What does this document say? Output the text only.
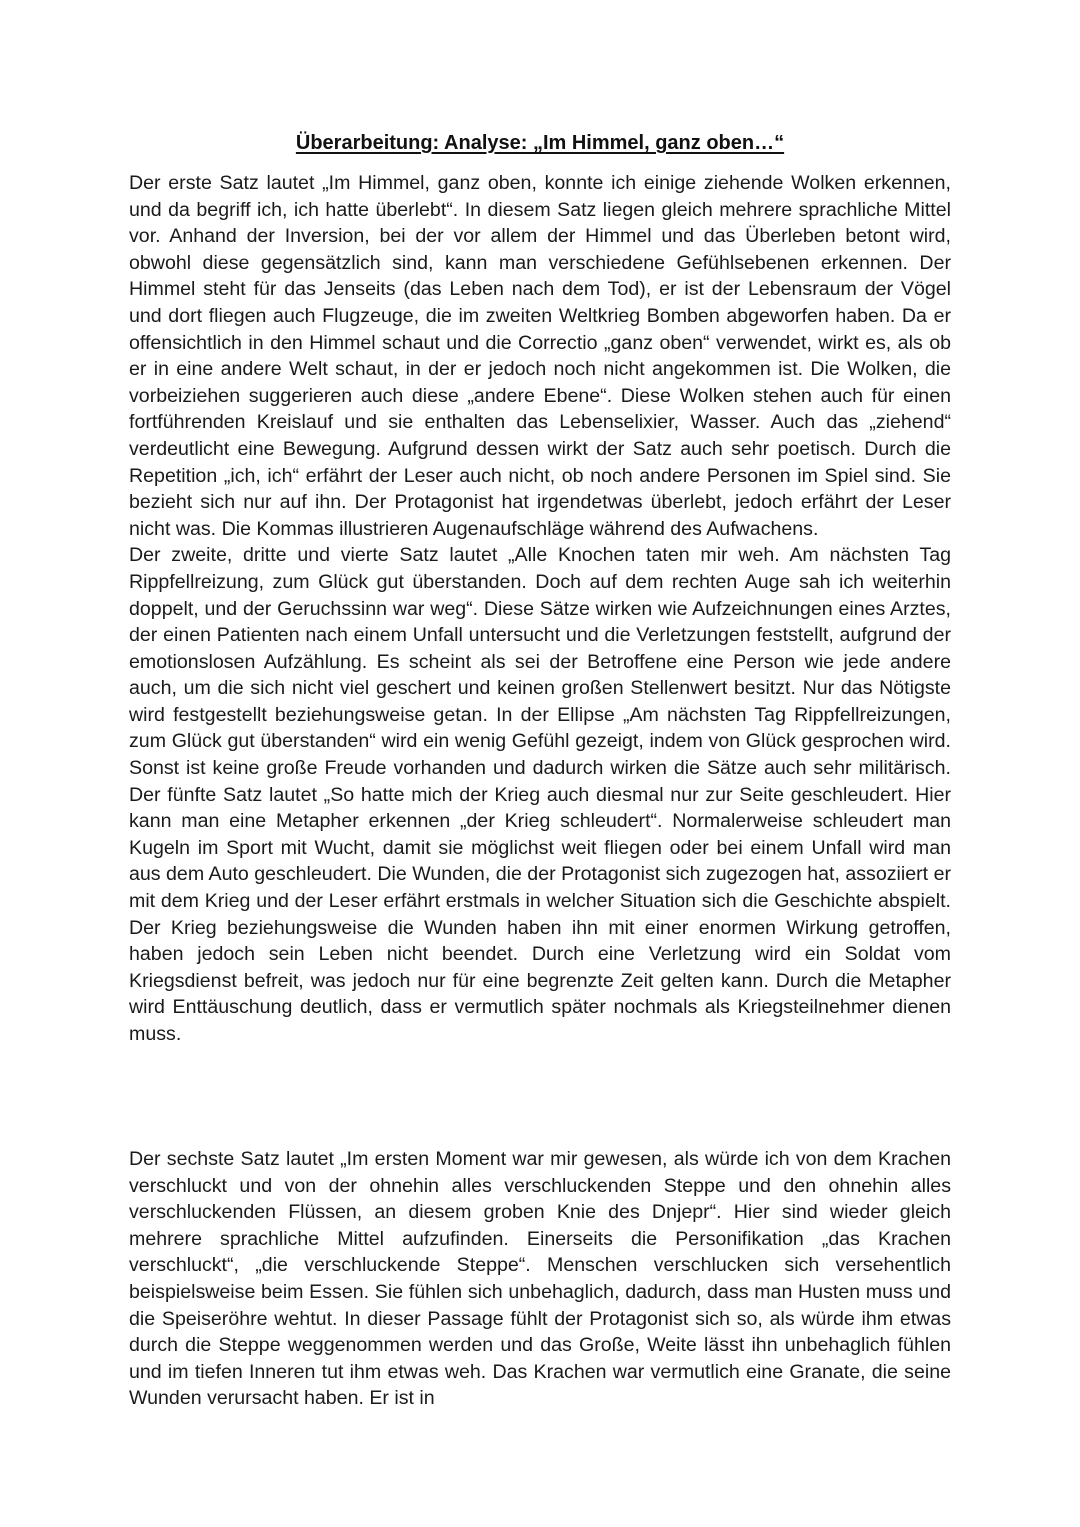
Überarbeitung: Analyse: „Im Himmel, ganz oben…“

Der erste Satz lautet „Im Himmel, ganz oben, konnte ich einige ziehende Wolken erkennen, und da begriff ich, ich hatte überlebt“. In diesem Satz liegen gleich mehrere sprachliche Mittel vor. Anhand der Inversion, bei der vor allem der Himmel und das Überleben betont wird, obwohl diese gegensätzlich sind, kann man verschiedene Gefühlsebenen erkennen. Der Himmel steht für das Jenseits (das Leben nach dem Tod), er ist der Lebensraum der Vögel und dort fliegen auch Flugzeuge, die im zweiten Weltkrieg Bomben abgeworfen haben. Da er offensichtlich in den Himmel schaut und die Correctio „ganz oben“ verwendet, wirkt es, als ob er in eine andere Welt schaut, in der er jedoch noch nicht angekommen ist. Die Wolken, die vorbeiziehen suggerieren auch diese „andere Ebene“. Diese Wolken stehen auch für einen fortführenden Kreislauf und sie enthalten das Lebenselixier, Wasser. Auch das „ziehend“ verdeutlicht eine Bewegung. Aufgrund dessen wirkt der Satz auch sehr poetisch. Durch die Repetition „ich, ich“ erfährt der Leser auch nicht, ob noch andere Personen im Spiel sind. Sie bezieht sich nur auf ihn. Der Protagonist hat irgendetwas überlebt, jedoch erfährt der Leser nicht was. Die Kommas illustrieren Augenaufschläge während des Aufwachens.

Der zweite, dritte und vierte Satz lautet „Alle Knochen taten mir weh. Am nächsten Tag Rippfellreizung, zum Glück gut überstanden. Doch auf dem rechten Auge sah ich weiterhin doppelt, und der Geruchssinn war weg“. Diese Sätze wirken wie Aufzeichnungen eines Arztes, der einen Patienten nach einem Unfall untersucht und die Verletzungen feststellt, aufgrund der emotionslosen Aufzählung. Es scheint als sei der Betroffene eine Person wie jede andere auch, um die sich nicht viel geschert und keinen großen Stellenwert besitzt. Nur das Nötigste wird festgestellt beziehungsweise getan. In der Ellipse „Am nächsten Tag Rippfellreizungen, zum Glück gut überstanden“ wird ein wenig Gefühl gezeigt, indem von Glück gesprochen wird. Sonst ist keine große Freude vorhanden und dadurch wirken die Sätze auch sehr militärisch. Der fünfte Satz lautet „So hatte mich der Krieg auch diesmal nur zur Seite geschleudert. Hier kann man eine Metapher erkennen „der Krieg schleudert“. Normalerweise schleudert man Kugeln im Sport mit Wucht, damit sie möglichst weit fliegen oder bei einem Unfall wird man aus dem Auto geschleudert. Die Wunden, die der Protagonist sich zugezogen hat, assoziiert er mit dem Krieg und der Leser erfährt erstmals in welcher Situation sich die Geschichte abspielt. Der Krieg beziehungsweise die Wunden haben ihn mit einer enormen Wirkung getroffen, haben jedoch sein Leben nicht beendet. Durch eine Verletzung wird ein Soldat vom Kriegsdienst befreit, was jedoch nur für eine begrenzte Zeit gelten kann. Durch die Metapher wird Enttäuschung deutlich, dass er vermutlich später nochmals als Kriegsteilnehmer dienen muss.

Der sechste Satz lautet „Im ersten Moment war mir gewesen, als würde ich von dem Krachen verschluckt und von der ohnehin alles verschluckenden Steppe und den ohnehin alles verschluckenden Flüssen, an diesem groben Knie des Dnjepr“. Hier sind wieder gleich mehrere sprachliche Mittel aufzufinden. Einerseits die Personifikation „das Krachen verschluckt“, „die verschluckende Steppe“. Menschen verschlucken sich versehentlich beispielsweise beim Essen. Sie fühlen sich unbehaglich, dadurch, dass man Husten muss und die Speiseröhre wehtut. In dieser Passage fühlt der Protagonist sich so, als würde ihm etwas durch die Steppe weggenommen werden und das Große, Weite lässt ihn unbehaglich fühlen und im tiefen Inneren tut ihm etwas weh. Das Krachen war vermutlich eine Granate, die seine Wunden verursacht haben. Er ist in
